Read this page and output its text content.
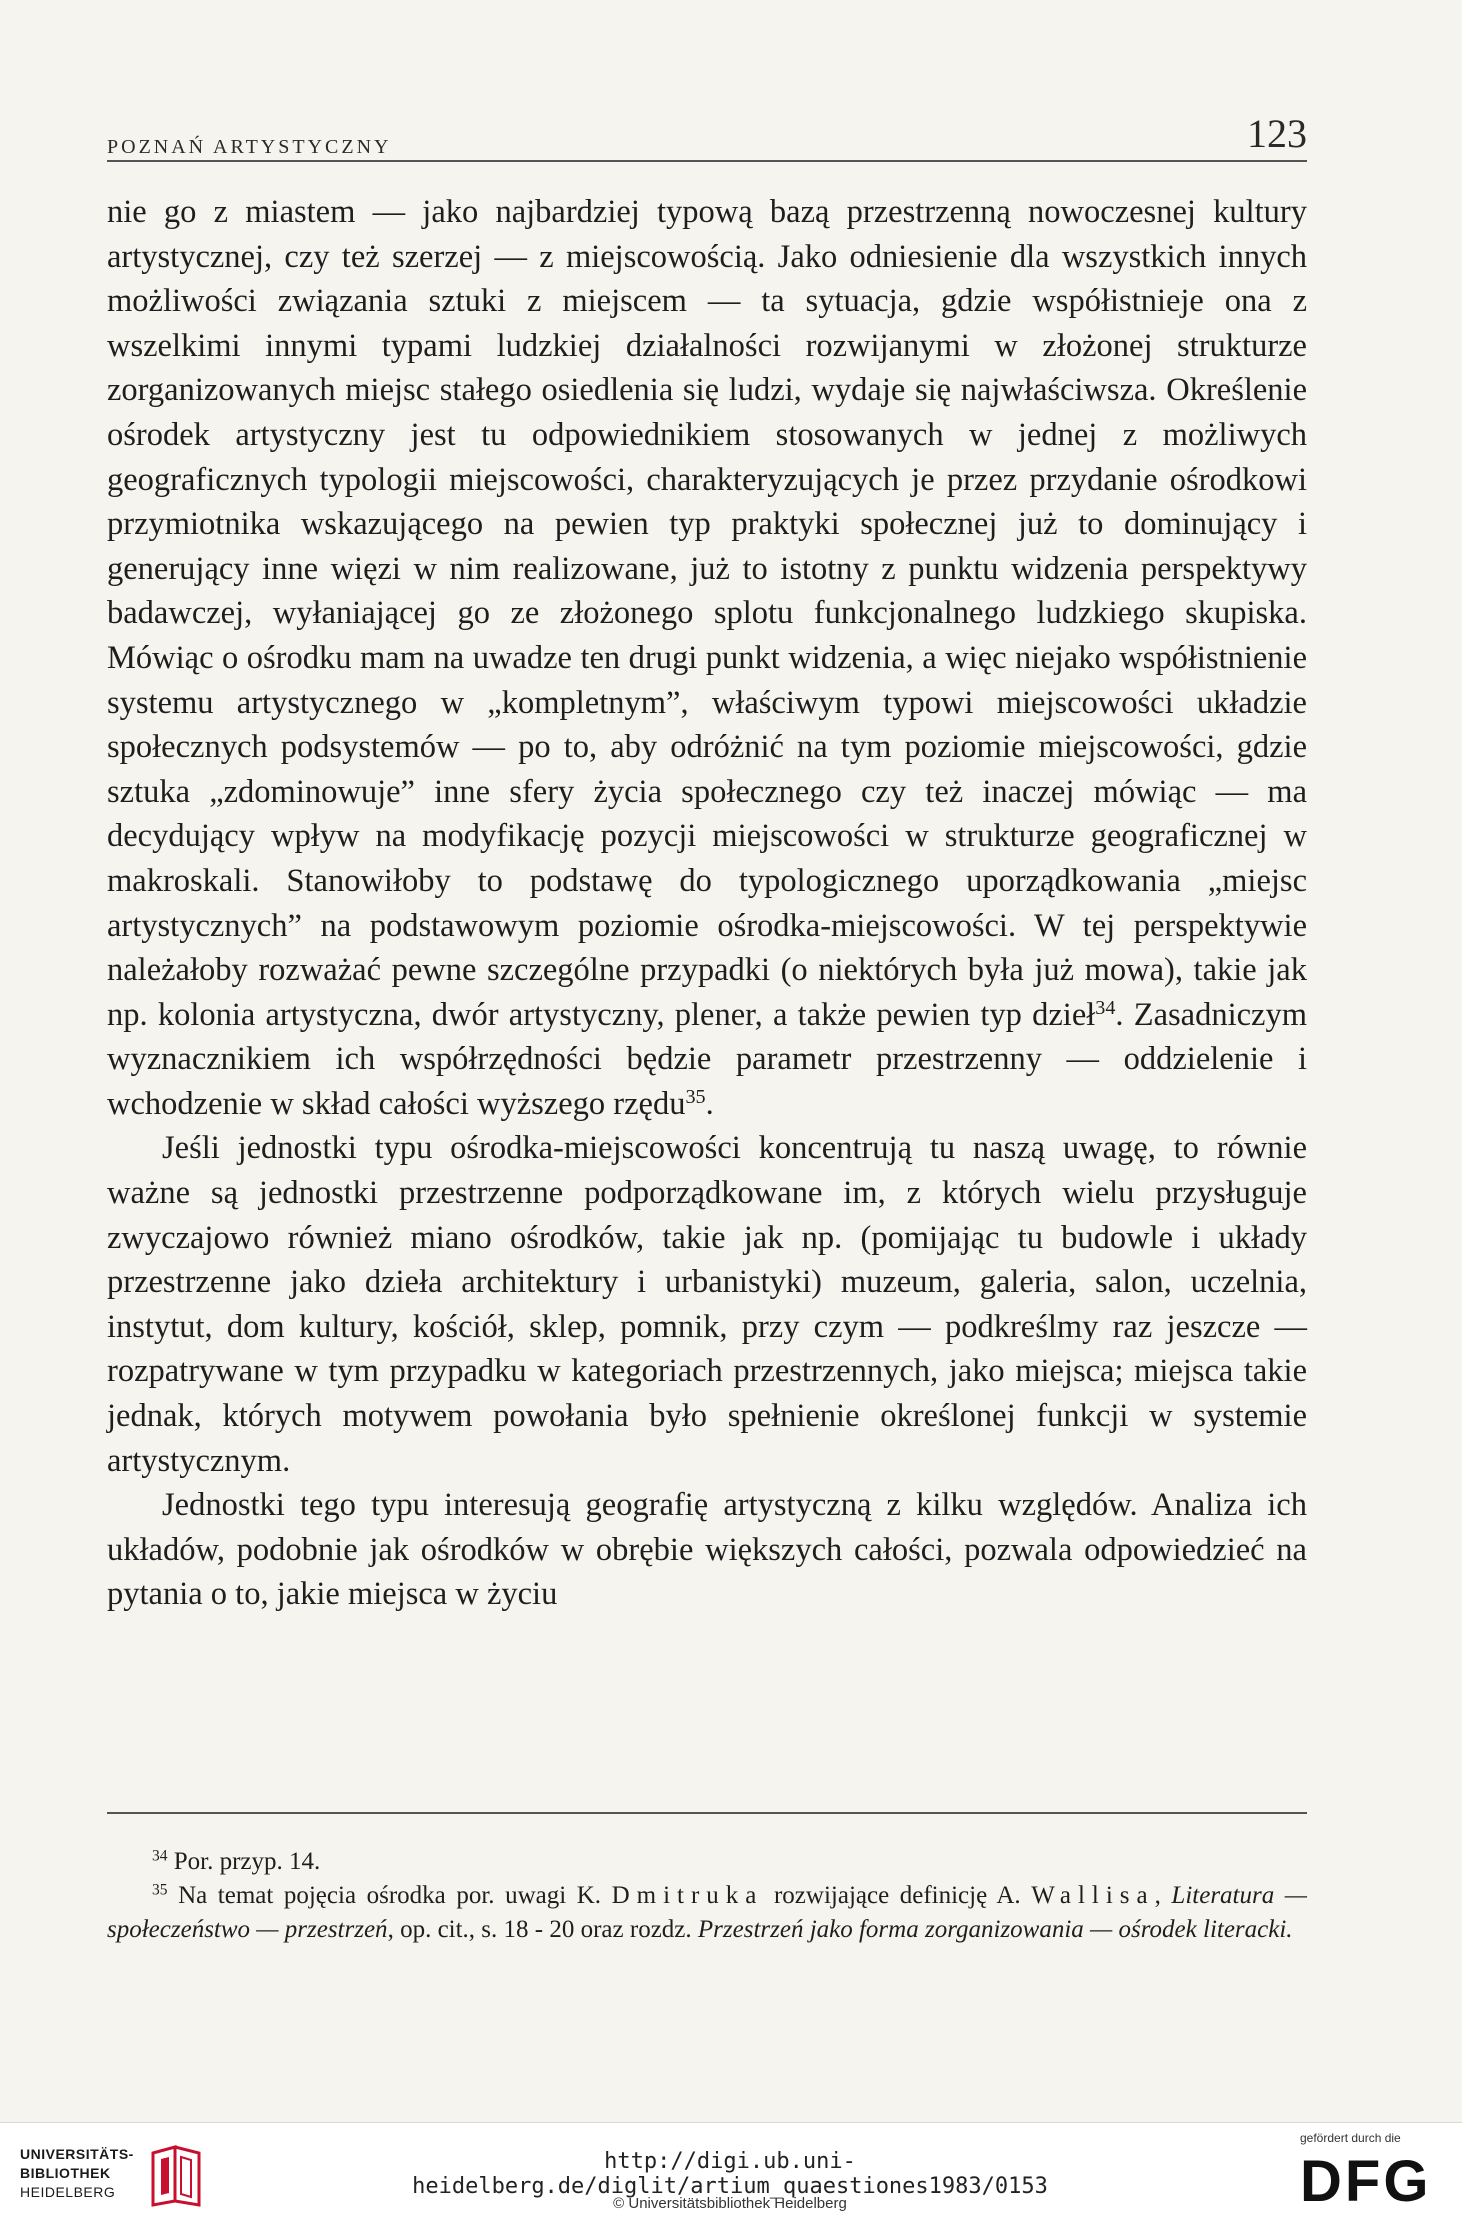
POZNAŃ ARTYSTYCZNY	123

nie go z miastem — jako najbardziej typową bazą przestrzenną nowoczesnej kultury artystycznej, czy też szerzej — z miejscowością. Jako odniesienie dla wszystkich innych możliwości związania sztuki z miejscem — ta sytuacja, gdzie współistnieje ona z wszelkimi innymi typami ludzkiej działalności rozwijanymi w złożonej strukturze zorganizowanych miejsc stałego osiedlenia się ludzi, wydaje się najwłaściwsza. Określenie ośrodek artystyczny jest tu odpowiednikiem stosowanych w jednej z możliwych geograficznych typologii miejscowości, charakteryzujących je przez przydanie ośrodkowi przymiotnika wskazującego na pewien typ praktyki społecznej już to dominujący i generujący inne więzi w nim realizowane, już to istotny z punktu widzenia perspektywy badawczej, wyłaniającej go ze złożonego splotu funkcjonalnego ludzkiego skupiska. Mówiąc o ośrodku mam na uwadze ten drugi punkt widzenia, a więc niejako współistnienie systemu artystycznego w „kompletnym”, właściwym typowi miejscowości układzie społecznych podsystemów — po to, aby odróżnić na tym poziomie miejscowości, gdzie sztuka „zdominowuje” inne sfery życia społecznego czy też inaczej mówiąc — ma decydujący wpływ na modyfikację pozycji miejscowości w strukturze geograficznej w makroskali. Stanowiłoby to podstawę do typologicznego uporządkowania „miejsc artystycznych” na podstawowym poziomie ośrodka-miejscowości. W tej perspektywie należałoby rozważać pewne szczególne przypadki (o niektórych była już mowa), takie jak np. kolonia artystyczna, dwór artystyczny, plener, a także pewien typ dzieł$^{34}$. Zasadniczym wyznacznikiem ich współrzędności będzie parametr przestrzenny — oddzielenie i wchodzenie w skład całości wyższego rzędu$^{35}$.

Jeśli jednostki typu ośrodka-miejscowości koncentrują tu naszą uwagę, to równie ważne są jednostki przestrzenne podporządkowane im, z których wielu przysługuje zwyczajowo również miano ośrodków, takie jak np. (pomijając tu budowle i układy przestrzenne jako dzieła architektury i urbanistyki) muzeum, galeria, salon, uczelnia, instytut, dom kultury, kościół, sklep, pomnik, przy czym — podkreślmy raz jeszcze — rozpatrywane w tym przypadku w kategoriach przestrzennych, jako miejsca; miejsca takie jednak, których motywem powołania było spełnienie określonej funkcji w systemie artystycznym.

Jednostki tego typu interesują geografię artystyczną z kilku względów. Analiza ich układów, podobnie jak ośrodków w obrębie większych całości, pozwala odpowiedzieć na pytania o to, jakie miejsca w życiu

$^{34}$ Por. przyp. 14.

$^{35}$ Na temat pojęcia ośrodka por. uwagi K. Dmitruka rozwijające definicję A. Wallisa, Literatura — społeczeństwo — przestrzeń, op. cit., s. 18 - 20 oraz rozdz. Przestrzeń jako forma zorganizowania — ośrodek literacki.

UNIVERSITÄTS-
BIBLIOTHEK
HEIDELBERG
http://digi.ub.uni-heidelberg.de/diglit/artium_quaestiones1983/0153
© Universitätsbibliothek Heidelberg
gefördert durch die
DFG
